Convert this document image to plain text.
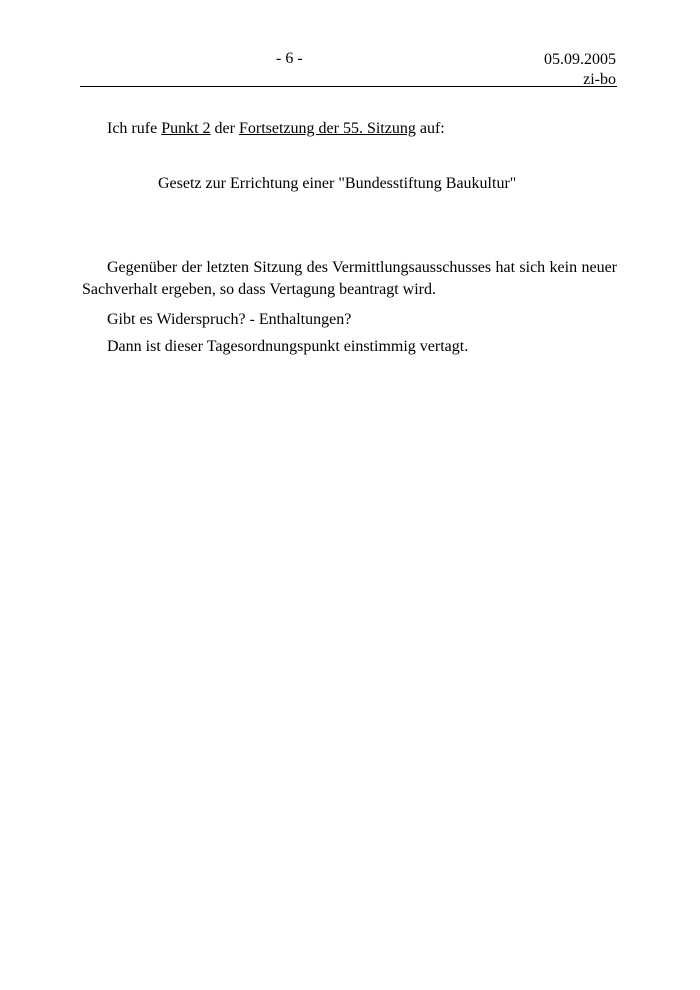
- 6 -	05.09.2005
zi-bo

Ich rufe Punkt 2 der Fortsetzung der 55. Sitzung auf:

Gesetz zur Errichtung einer "Bundesstiftung Baukultur"

Gegenüber der letzten Sitzung des Vermittlungsausschusses hat sich kein neuer Sachverhalt ergeben, so dass Vertagung beantragt wird.

Gibt es Widerspruch? - Enthaltungen?

Dann ist dieser Tagesordnungspunkt einstimmig vertagt.
